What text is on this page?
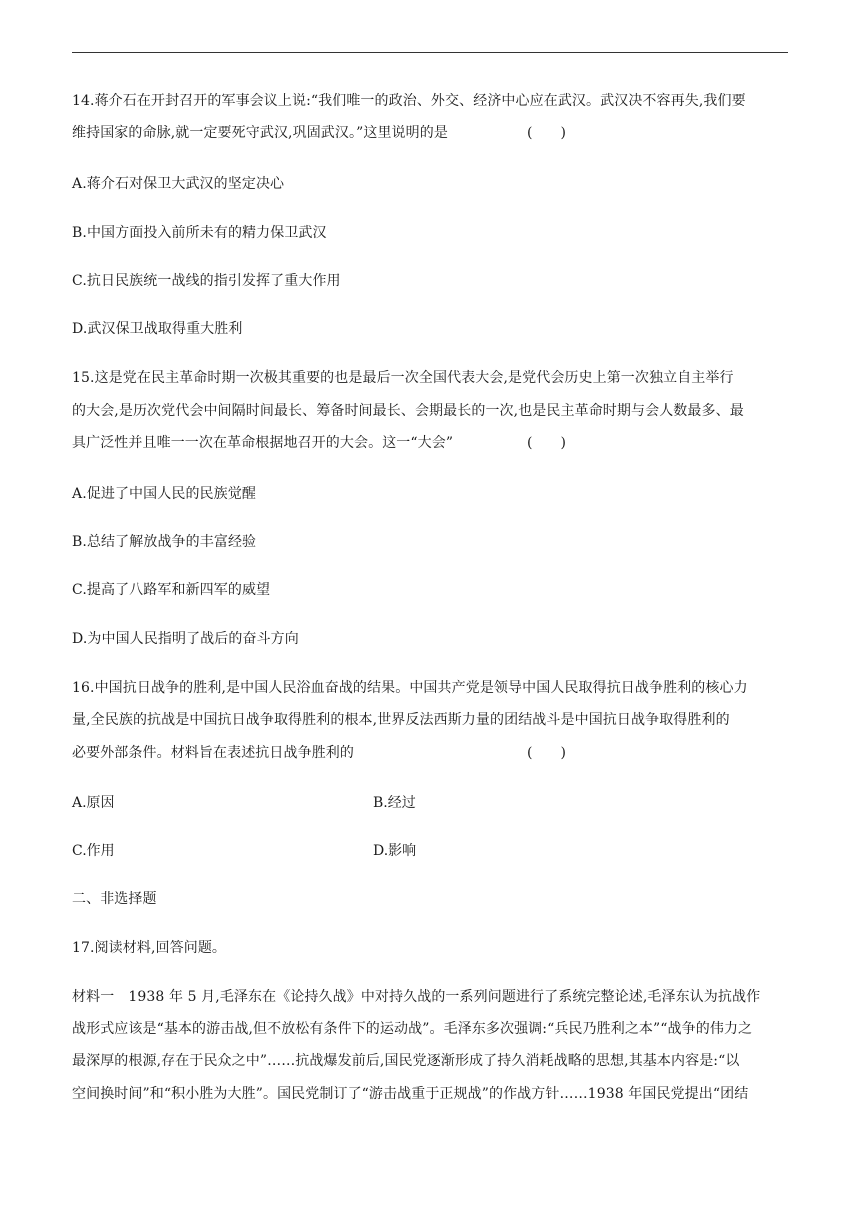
14.蒋介石在开封召开的军事会议上说:“我们唯一的政治、外交、经济中心应在武汉。武汉决不容再失,我们要
维持国家的命脉,就一定要死守武汉,巩固武汉。”这里说明的是	(　　)
A.蒋介石对保卫大武汉的坚定决心
B.中国方面投入前所未有的精力保卫武汉
C.抗日民族统一战线的指引发挥了重大作用
D.武汉保卫战取得重大胜利
15.这是党在民主革命时期一次极其重要的也是最后一次全国代表大会,是党代会历史上第一次独立自主举行
的大会,是历次党代会中间隔时间最长、筹备时间最长、会期最长的一次,也是民主革命时期与会人数最多、最
具广泛性并且唯一一次在革命根据地召开的大会。这一“大会”	(　　)
A.促进了中国人民的民族觉醒
B.总结了解放战争的丰富经验
C.提高了八路军和新四军的威望
D.为中国人民指明了战后的奋斗方向
16.中国抗日战争的胜利,是中国人民浴血奋战的结果。中国共产党是领导中国人民取得抗日战争胜利的核心力
量,全民族的抗战是中国抗日战争取得胜利的根本,世界反法西斯力量的团结战斗是中国抗日战争取得胜利的
必要外部条件。材料旨在表述抗日战争胜利的	(　　)
A.原因	B.经过
C.作用	D.影响
二、非选择题
17.阅读材料,回答问题。
材料一　1938 年 5 月,毛泽东在《论持久战》中对持久战的一系列问题进行了系统完整论述,毛泽东认为抗战作
战形式应该是“基本的游击战,但不放松有条件下的运动战”。毛泽东多次强调:“兵民乃胜利之本”“战争的伟力之
最深厚的根源,存在于民众之中”……抗战爆发前后,国民党逐渐形成了持久消耗战略的思想,其基本内容是:“以
空间换时间”和“积小胜为大胜”。国民党制订了“游击战重于正规战”的作战方针……1938 年国民党提出“团结
